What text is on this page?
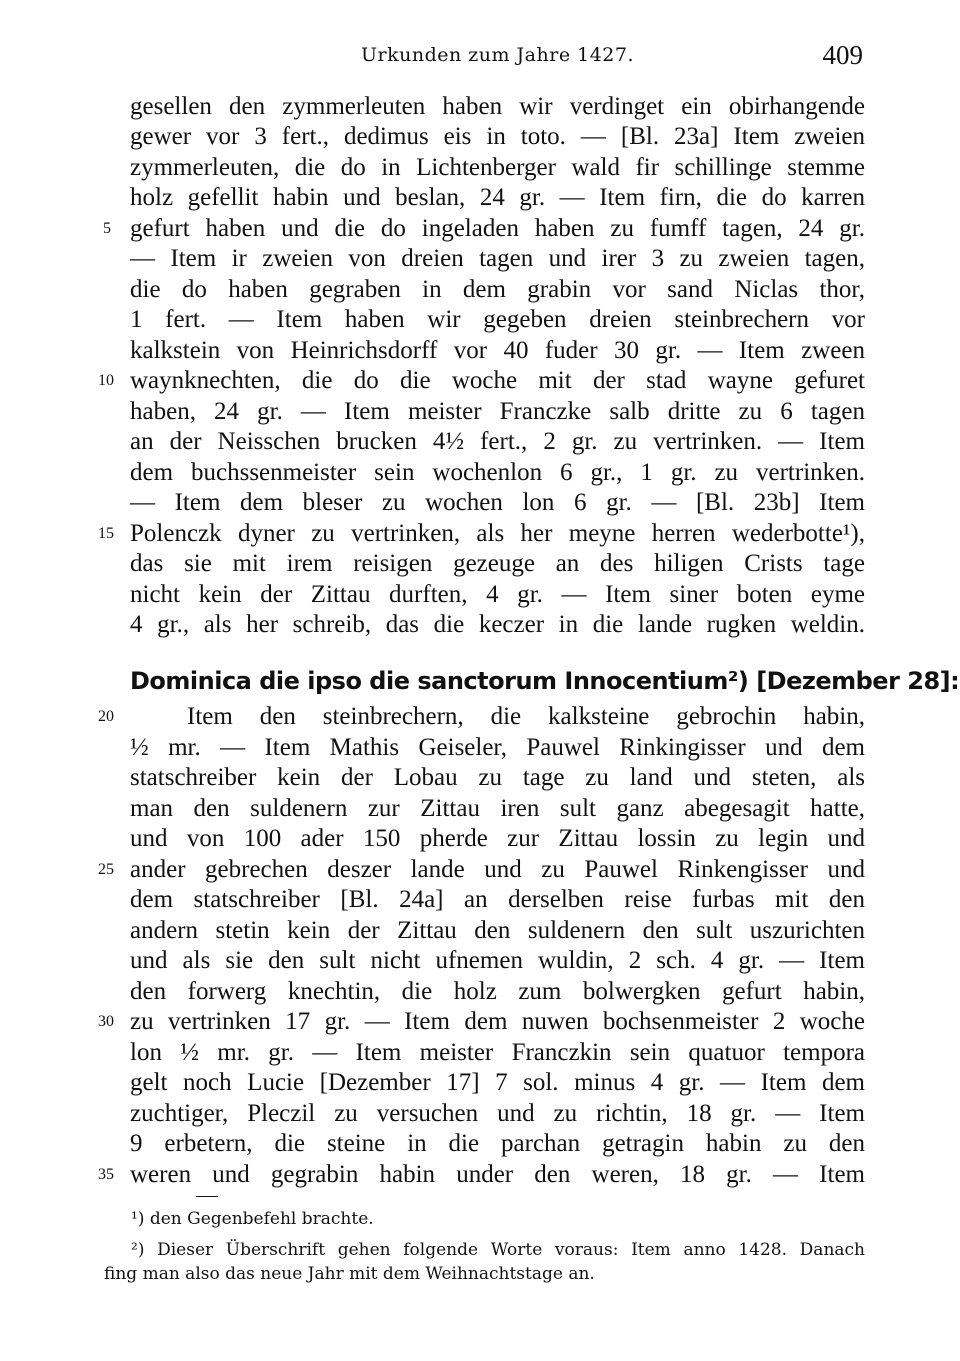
Urkunden zum Jahre 1427.	409
gesellen den zymmerleuten haben wir verdinget ein obirhangende
gewer vor 3 fert., dedimus eis in toto. — [Bl. 23a] Item zweien
zymmerleuten, die do in Lichtenberger wald fir schillinge stemme
holz gefellit habin und beslan, 24 gr. — Item firn, die do karren
gefurt haben und die do ingeladen haben zu fumff tagen, 24 gr.
— Item ir zweien von dreien tagen und irer 3 zu zweien tagen,
die do haben gegraben in dem grabin vor sand Niclas thor,
1 fert. — Item haben wir gegeben dreien steinbrechern vor
kalkstein von Heinrichsdorff vor 40 fuder 30 gr. — Item zween
waynknechten, die do die woche mit der stad wayne gefuret
haben, 24 gr. — Item meister Franczke salb dritte zu 6 tagen
an der Neisschen brucken 4½ fert., 2 gr. zu vertrinken. — Item
dem buchssenmeister sein wochenlon 6 gr., 1 gr. zu vertrinken.
— Item dem bleser zu wochen lon 6 gr. — [Bl. 23b] Item
Polenczk dyner zu vertrinken, als her meyne herren wederbotte¹),
das sie mit irem reisigen gezeuge an des hiligen Crists tage
nicht kein der Zittau durften, 4 gr. — Item siner boten eyme
4 gr., als her schreib, das die keczer in die lande rugken weldin.
Dominica die ipso die sanctorum Innocentium²) [Dezember 28]:
Item den steinbrechern, die kalksteine gebrochin habin,
½ mr. — Item Mathis Geiseler, Pauwel Rinkingisser und dem
statschreiber kein der Lobau zu tage zu land und steten, als
man den suldenern zur Zittau iren sult ganz abegesagit hatte,
und von 100 ader 150 pherde zur Zittau lossin zu legin und
ander gebrechen deszer lande und zu Pauwel Rinkengisser und
dem statschreiber [Bl. 24a] an derselben reise furbas mit den
andern stetin kein der Zittau den suldenern den sult uszurichten
und als sie den sult nicht ufnemen wuldin, 2 sch. 4 gr. — Item
den forwerg knechtin, die holz zum bolwergken gefurt habin,
zu vertrinken 17 gr. — Item dem nuwen bochsenmeister 2 woche
lon ½ mr. gr. — Item meister Franczkin sein quatuor tempora
gelt noch Lucie [Dezember 17] 7 sol. minus 4 gr. — Item dem
zuchtiger, Pleczil zu versuchen und zu richtin, 18 gr. — Item
9 erbetern, die steine in die parchan getragin habin zu den
weren und gegrabin habin under den weren, 18 gr. — Item
5
10
15
20
25
30
35
¹) den Gegenbefehl brachte.
²) Dieser Überschrift gehen folgende Worte voraus: Item anno 1428. Danach
fing man also das neue Jahr mit dem Weihnachtstage an.
